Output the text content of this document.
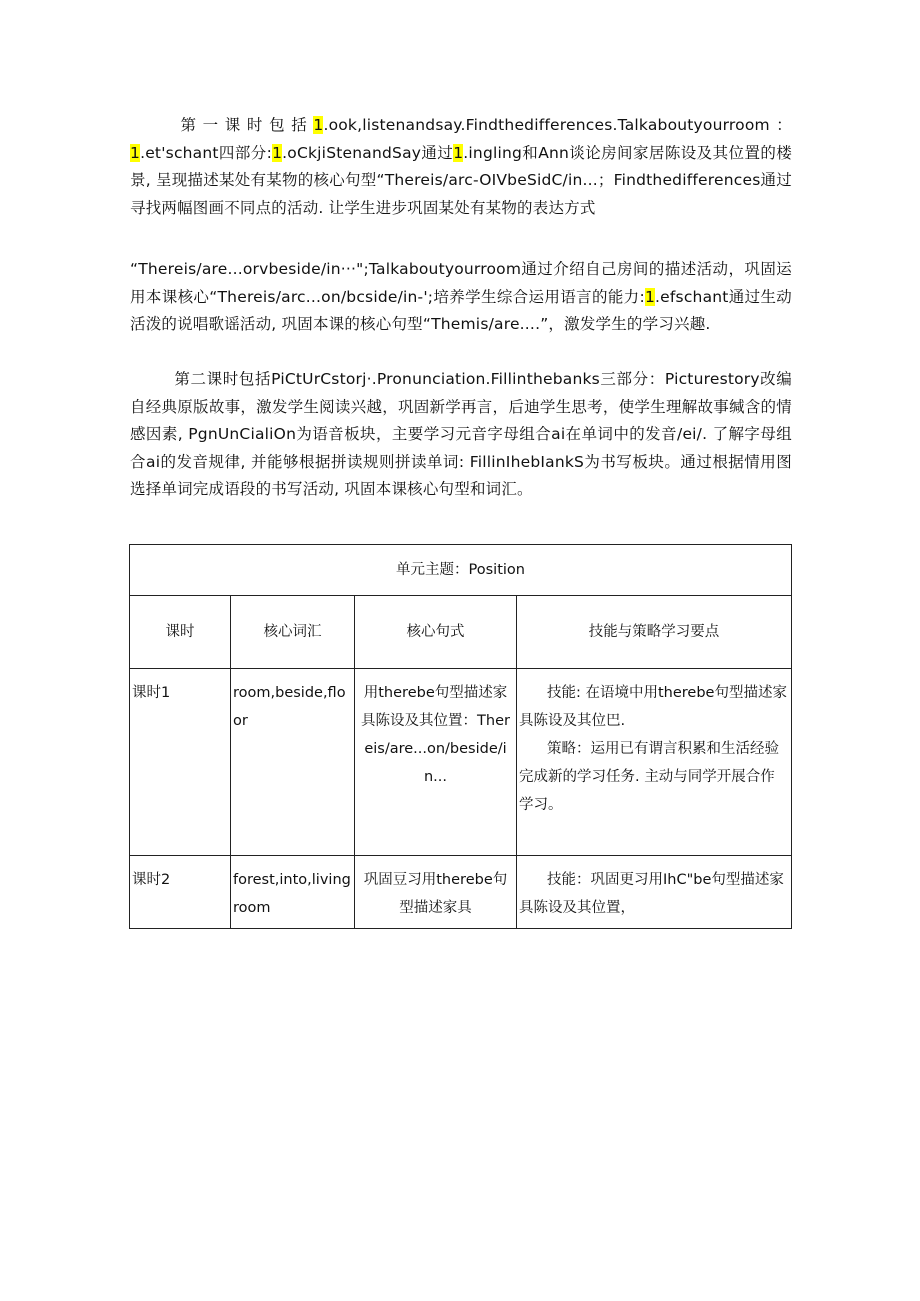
第一课时包括1.ook,listenandsay.Findthedifferences.Talkaboutyourroom：1.et'schant四部分:1.oCkjiStenandSay通过1.ingling和Ann谈论房间家居陈设及其位置的楼景, 呈现描述某处有某物的核心句型“Thereis/arc-OIVbeSidC/in...；Findthedifferences通过寻找两幅图画不同点的活动. 让学生进步巩固某处有某物的表达方式

“Thereis/are...orvbeside/in···";Talkaboutyourroom通过介绍自己房间的描述活动，巩固运用本课核心“Thereis/arc...on/bcside/in-';培养学生综合运用语言的能力:1.efschant通过生动活泼的说唱歌谣活动, 巩固本课的核心句型“Themis/are....”，激发学生的学习兴趣.

第二课时包括PiCtUrCstorj·.Pronunciation.Fillinthebanks三部分：Picturestory改编自经典原版故事，激发学生阅读兴越，巩固新学再言，后迪学生思考，使学生理解故事缄含的情感因素, PgnUnCialiOn为语音板块，主要学习元音字母组合ai在单词中的发音/ei/. 了解字母组合ai的发音规律, 并能够根据拼读规则拼读单词: FillinIhebIankS为书写板块。通过根据情用图选择单词完成语段的书写活动, 巩固本课核心句型和词汇。

单元主题：Position			
课时	核心词汇	核心句式	技能与策略学习要点
课时1	room,beside,floor	用therebe句型描述家具陈设及其位置：Thereis/are...on/beside/in...	技能: 在语境中用therebe句型描述家具陈设及其位巴.

策略：运用已有谓言积累和生活经验完成新的学习任务. 主动与同学开展合作学习。

课时2	forest,into,livingroom	巩固豆习用therebe句型描述家具	技能：巩固更习用IhC"be句型描述家具陈设及其位置，
